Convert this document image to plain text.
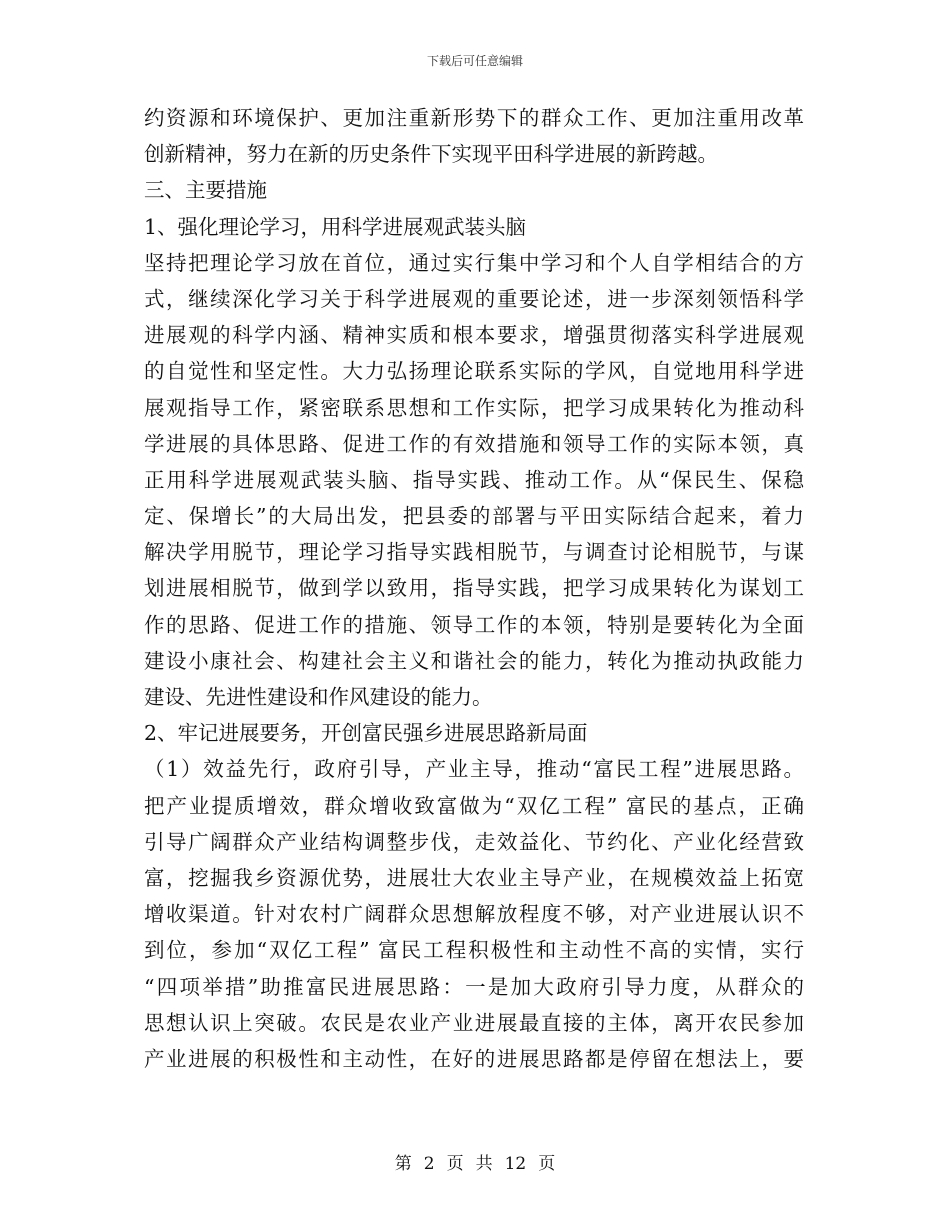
下载后可任意编辑
约资源和环境保护、更加注重新形势下的群众工作、更加注重用改革
创新精神，努力在新的历史条件下实现平田科学进展的新跨越。
三、主要措施
1、强化理论学习，用科学进展观武装头脑
坚持把理论学习放在首位，通过实行集中学习和个人自学相结合的方
式，继续深化学习关于科学进展观的重要论述，进一步深刻领悟科学
进展观的科学内涵、精神实质和根本要求，增强贯彻落实科学进展观
的自觉性和坚定性。大力弘扬理论联系实际的学风，自觉地用科学进
展观指导工作，紧密联系思想和工作实际，把学习成果转化为推动科
学进展的具体思路、促进工作的有效措施和领导工作的实际本领，真
正用科学进展观武装头脑、指导实践、推动工作。从“保民生、保稳
定、保增长”的大局出发，把县委的部署与平田实际结合起来，着力
解决学用脱节，理论学习指导实践相脱节，与调查讨论相脱节，与谋
划进展相脱节，做到学以致用，指导实践，把学习成果转化为谋划工
作的思路、促进工作的措施、领导工作的本领，特别是要转化为全面
建设小康社会、构建社会主义和谐社会的能力，转化为推动执政能力
建设、先进性建设和作风建设的能力。
2、牢记进展要务，开创富民强乡进展思路新局面
（1）效益先行，政府引导，产业主导，推动“富民工程”进展思路。
把产业提质增效，群众增收致富做为“双亿工程” 富民的基点，正确
引导广阔群众产业结构调整步伐，走效益化、节约化、产业化经营致
富，挖掘我乡资源优势，进展壮大农业主导产业，在规模效益上拓宽
增收渠道。针对农村广阔群众思想解放程度不够，对产业进展认识不
到位，参加“双亿工程” 富民工程积极性和主动性不高的实情，实行
“四项举措”助推富民进展思路：一是加大政府引导力度，从群众的
思想认识上突破。农民是农业产业进展最直接的主体，离开农民参加
产业进展的积极性和主动性，在好的进展思路都是停留在想法上，要
第 2 页 共 12 页
